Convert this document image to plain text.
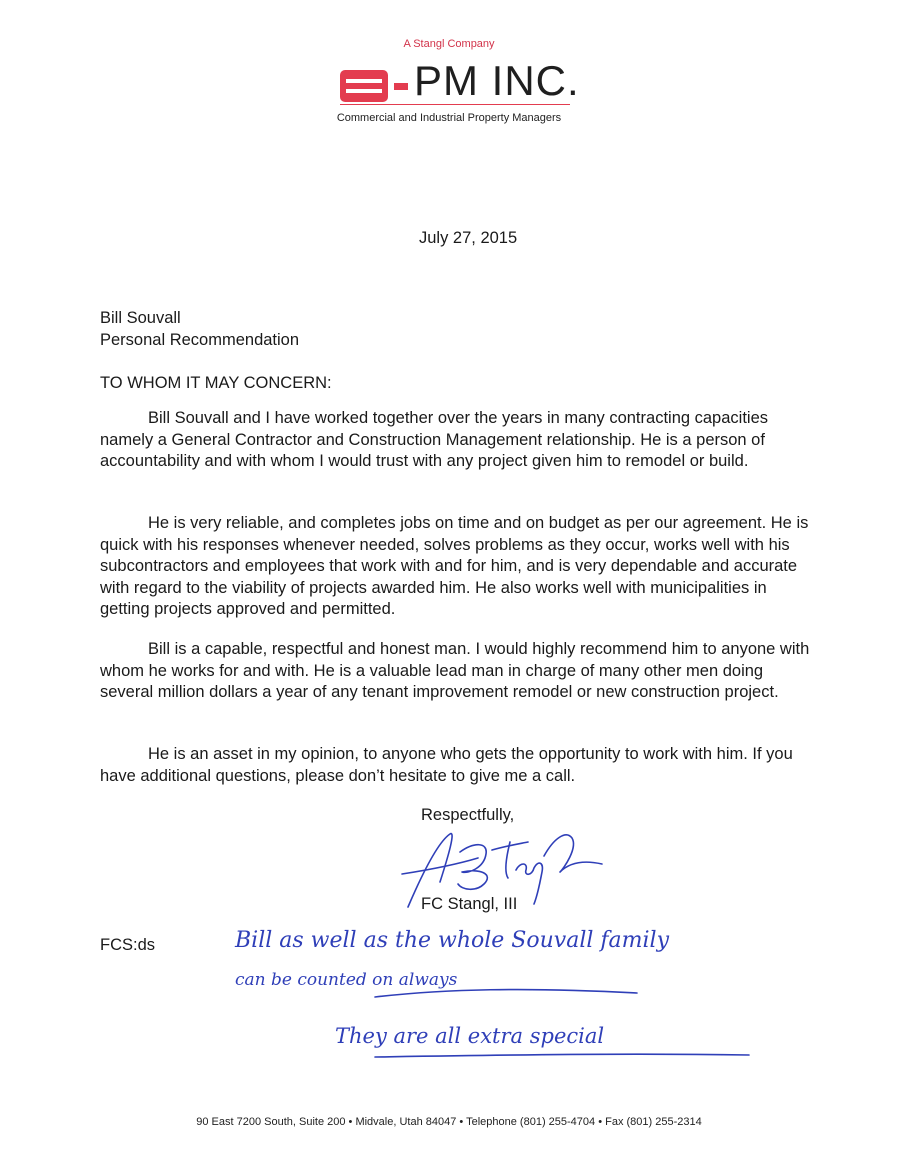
A Stangl Company
PM INC.
Commercial and Industrial Property Managers
July 27, 2015
Bill Souvall
Personal Recommendation
TO WHOM IT MAY CONCERN:

Bill Souvall and I have worked together over the years in many contracting capacities namely a General Contractor and Construction Management relationship. He is a person of accountability and with whom I would trust with any project given him to remodel or build.

He is very reliable, and completes jobs on time and on budget as per our agreement. He is quick with his responses whenever needed, solves problems as they occur, works well with his subcontractors and employees that work with and for him, and is very dependable and accurate with regard to the viability of projects awarded him. He also works well with municipalities in getting projects approved and permitted.

Bill is a capable, respectful and honest man. I would highly recommend him to anyone with whom he works for and with. He is a valuable lead man in charge of many other men doing several million dollars a year of any tenant improvement remodel or new construction project.

He is an asset in my opinion, to anyone who gets the opportunity to work with him. If you have additional questions, please don’t hesitate to give me a call.

Respectfully,
FC Stangl, III
FCS:ds	Bill as well as the whole Souvall family
can be counted on always
They are all extra special
90 East 7200 South, Suite 200 • Midvale, Utah 84047 • Telephone (801) 255-4704 • Fax (801) 255-2314
